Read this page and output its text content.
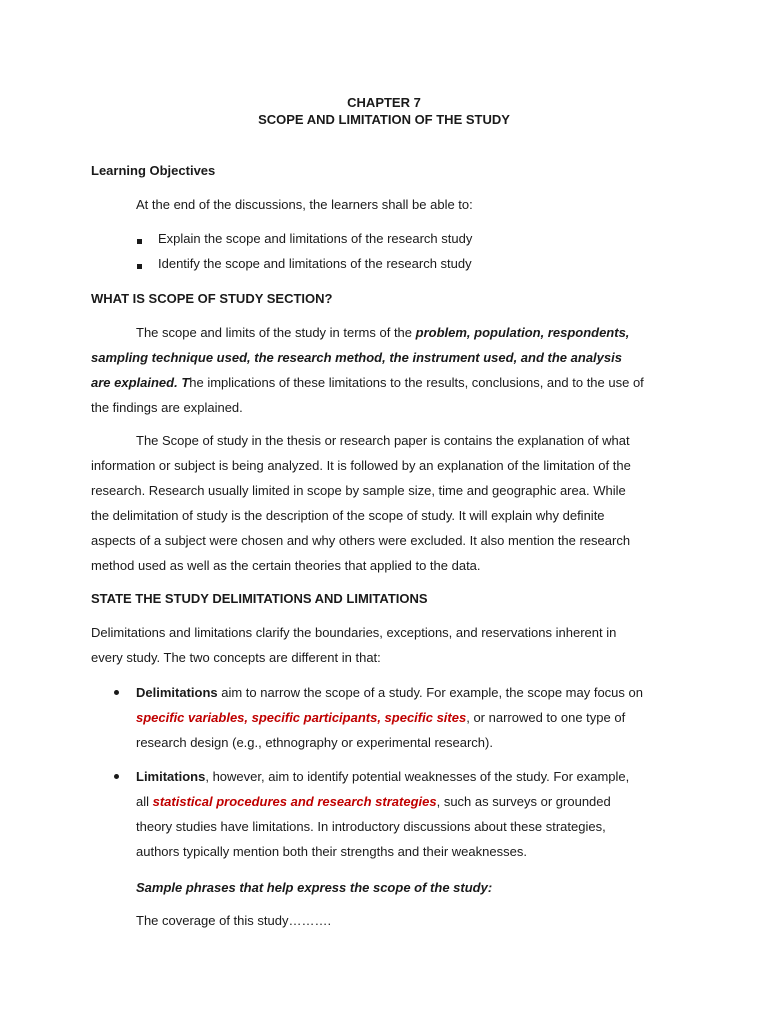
CHAPTER 7
SCOPE AND LIMITATION OF THE STUDY
Learning Objectives
At the end of the discussions, the learners shall be able to:
Explain the scope and limitations of the research study
Identify the scope and limitations of the research study
WHAT IS SCOPE OF STUDY SECTION?
The scope and limits of the study in terms of the problem, population, respondents,
sampling technique used, the research method, the instrument used, and the analysis
are explained. The implications of these limitations to the results, conclusions, and to the use of
the findings are explained.
The Scope of study in the thesis or research paper is contains the explanation of what
information or subject is being analyzed. It is followed by an explanation of the limitation of the
research. Research usually limited in scope by sample size, time and geographic area. While
the delimitation of study is the description of the scope of study. It will explain why definite
aspects of a subject were chosen and why others were excluded. It also mention the research
method used as well as the certain theories that applied to the data.
STATE THE STUDY DELIMITATIONS AND LIMITATIONS
Delimitations and limitations clarify the boundaries, exceptions, and reservations inherent in
every study. The two concepts are different in that:
Delimitations aim to narrow the scope of a study. For example, the scope may focus on
specific variables, specific participants, specific sites, or narrowed to one type of
research design (e.g., ethnography or experimental research).
Limitations, however, aim to identify potential weaknesses of the study. For example,
all statistical procedures and research strategies, such as surveys or grounded
theory studies have limitations. In introductory discussions about these strategies,
authors typically mention both their strengths and their weaknesses.
Sample phrases that help express the scope of the study:
The coverage of this study……….
